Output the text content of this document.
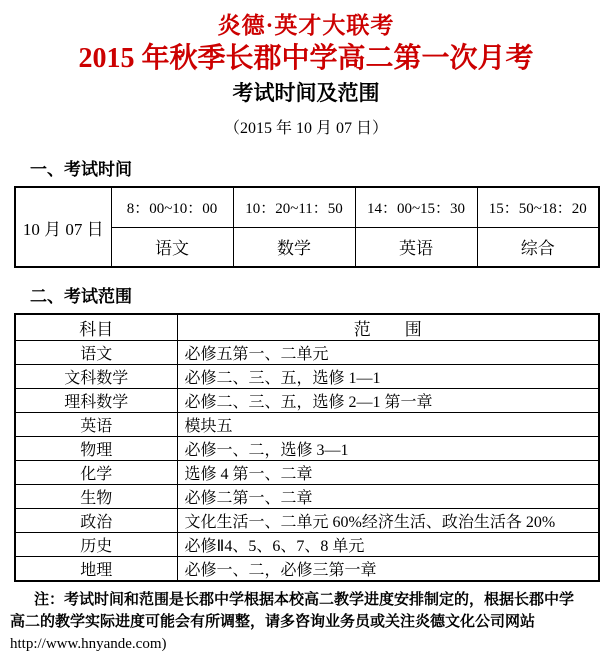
炎德·英才大联考
2015 年秋季长郡中学高二第一次月考
考试时间及范围
（2015 年 10 月 07 日）
一、考试时间
10 月 07 日	8：00~10：00	10：20~11：50	14：00~15：30	15：50~18：20
	语文	数学	英语	综合
二、考试范围
科目	范　　围
语文	必修五第一、二单元
文科数学	必修二、三、五，选修 1—1
理科数学	必修二、三、五，选修 2—1 第一章
英语	模块五
物理	必修一、二，选修 3—1
化学	选修 4 第一、二章
生物	必修二第一、二章
政治	文化生活一、二单元 60%经济生活、政治生活各 20%
历史	必修Ⅱ4、5、6、7、8 单元
地理	必修一、二，必修三第一章
注：考试时间和范围是长郡中学根据本校高二教学进度安排制定的，根据长郡中学
高二的教学实际进度可能会有所调整，请多咨询业务员或关注炎德文化公司网站
http://www.hnyande.com)
